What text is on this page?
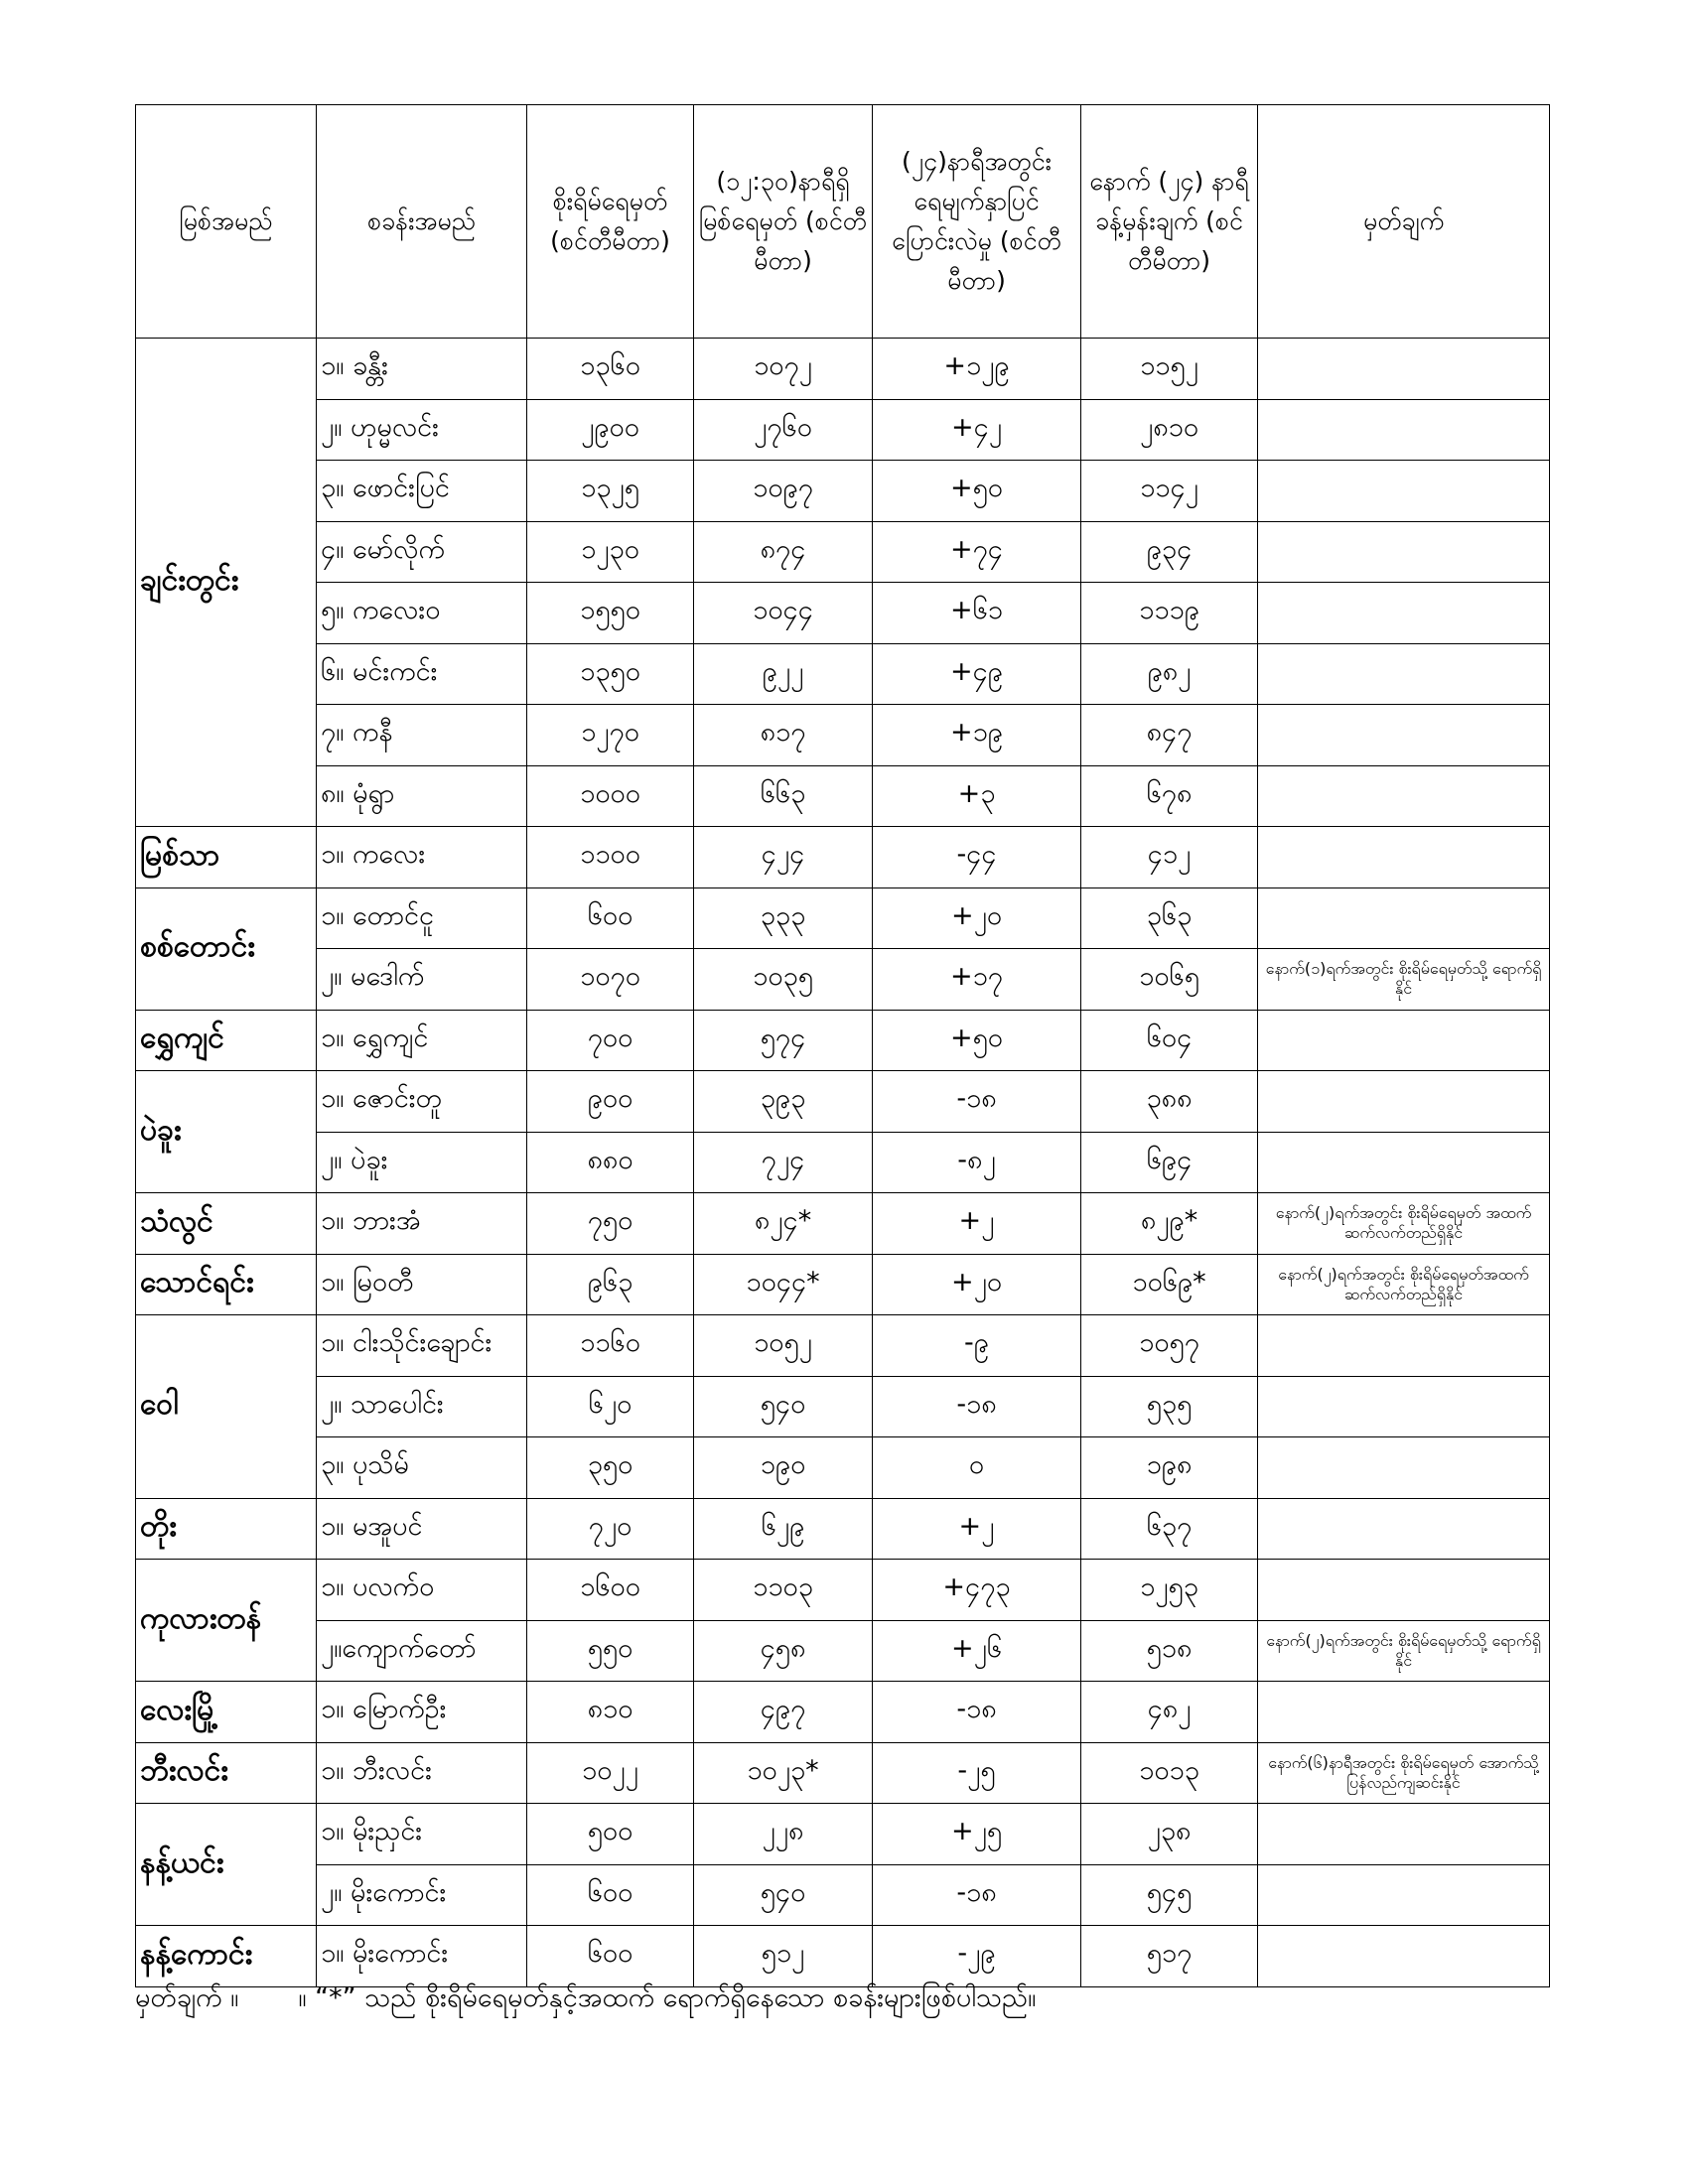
မြစ်အမည်	စခန်းအမည်	စိုးရိမ်ရေမှတ် (စင်တီမီတာ)	(၁၂:၃၀)နာရီရှိ မြစ်ရေမှတ် (စင်တီမီတာ)	(၂၄)နာရီအတွင်း ရေမျက်နှာပြင် ပြောင်းလဲမှု (စင်တီမီတာ)	နောက် (၂၄) နာရီ ခန့်မှန်းချက် (စင်တီမီတာ)	မှတ်ချက်
ချင်းတွင်း	၁။ ခန္တီး	၁၃၆၀	၁၀၇၂	+၁၂၉	၁၁၅၂	
	၂။ ဟုမ္မလင်း	၂၉၀၀	၂၇၆၀	+၄၂	၂၈၁၀	
	၃။ ဖောင်းပြင်	၁၃၂၅	၁၀၉၇	+၅၀	၁၁၄၂	
	၄။ မော်လိုက်	၁၂၃၀	၈၇၄	+၇၄	၉၃၄	
	၅။ ကလေးဝ	၁၅၅၀	၁၀၄၄	+၆၁	၁၁၁၉	
	၆။ မင်းကင်း	၁၃၅၀	၉၂၂	+၄၉	၉၈၂	
	၇။ ကနီ	၁၂၇၀	၈၁၇	+၁၉	၈၄၇	
	၈။ မုံရွာ	၁၀၀၀	၆၆၃	+၃	၆၇၈	
မြစ်သာ	၁။ ကလေး	၁၁၀၀	၄၂၄	-၄၄	၄၁၂	
စစ်တောင်း	၁။ တောင်ငူ	၆၀၀	၃၃၃	+၂၀	၃၆၃	
	၂။ မဒေါက်	၁၀၇၀	၁၀၃၅	+၁၇	၁၀၆၅	နောက်(၁)ရက်အတွင်း စိုးရိမ်ရေမှတ်သို့ ရောက်ရှိနိုင်
ရွှေကျင်	၁။ ရွှေကျင်	၇၀၀	၅၇၄	+၅၀	၆၀၄	
ပဲခူး	၁။ ဇောင်းတူ	၉၀၀	၃၉၃	-၁၈	၃၈၈	
	၂။ ပဲခူး	၈၈၀	၇၂၄	-၈၂	၆၉၄	
သံလွင်	၁။ ဘားအံ	၇၅၀	၈၂၄*	+၂	၈၂၉*	နောက်(၂)ရက်အတွင်း စိုးရိမ်ရေမှတ် အထက် ဆက်လက်တည်ရှိနိုင်
သောင်ရင်း	၁။ မြဝတီ	၉၆၃	၁၀၄၄*	+၂၀	၁၀၆၉*	နောက်(၂)ရက်အတွင်း စိုးရိမ်ရေမှတ်အထက် ဆက်လက်တည်ရှိနိုင်
ဝေါ	၁။ ငါးသိုင်းချောင်း	၁၁၆၀	၁၀၅၂	-၉	၁၀၅၇	
	၂။ သာပေါင်း	၆၂၀	၅၄၀	-၁၈	၅၃၅	
	၃။ ပုသိမ်	၃၅၀	၁၉၀	၀	၁၉၈	
တိုး	၁။ မအူပင်	၇၂၀	၆၂၉	+၂	၆၃၇	
ကုလားတန်	၁။ ပလက်ဝ	၁၆၀၀	၁၁၀၃	+၄၇၃	၁၂၅၃	
	၂။ကျောက်တော်	၅၅၀	၄၅၈	+၂၆	၅၁၈	နောက်(၂)ရက်အတွင်း စိုးရိမ်ရေမှတ်သို့ ရောက်ရှိနိုင်
လေးမြို့	၁။ မြောက်ဦး	၈၁၀	၄၉၇	-၁၈	၄၈၂	
ဘီးလင်း	၁။ ဘီးလင်း	၁၀၂၂	၁၀၂၃*	-၂၅	၁၀၁၃	နောက်(၆)နာရီအတွင်း စိုးရိမ်ရေမှတ် အောက်သို့ ပြန်လည်ကျဆင်းနိုင်
နန့်ယင်း	၁။ မိုးညှင်း	၅၀၀	၂၂၈	+၂၅	၂၃၈	
	၂။ မိုးကောင်း	၆၀၀	၅၄၀	-၁၈	၅၄၅	
နန့်ကောင်း	၁။ မိုးကောင်း	၆၀၀	၅၁၂	-၂၉	၅၁၇	
မှတ်ချက် ။ ။ “*” သည် စိုးရိမ်ရေမှတ်နှင့်အထက် ရောက်ရှိနေသော စခန်းများဖြစ်ပါသည်။
